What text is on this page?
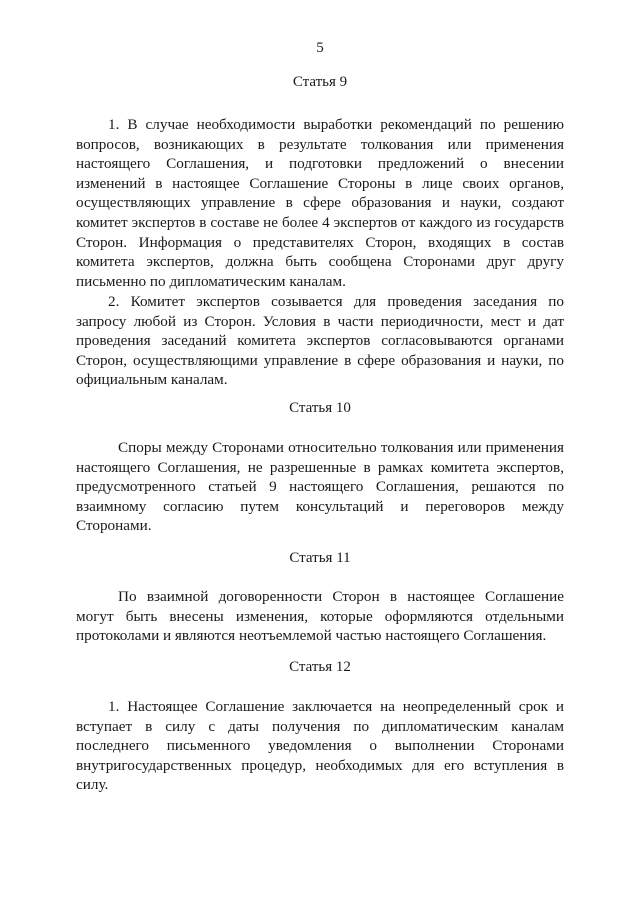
5
Статья 9

1. В случае необходимости выработки рекомендаций по решению вопросов, возникающих в результате толкования или применения настоящего Соглашения, и подготовки предложений о внесении изменений в настоящее Соглашение Стороны в лице своих органов, осуществляющих управление в сфере образования и науки, создают комитет экспертов в составе не более 4 экспертов от каждого из государств Сторон. Информация о представителях Сторон, входящих в состав комитета экспертов, должна быть сообщена Сторонами друг другу письменно по дипломатическим каналам.

2. Комитет экспертов созывается для проведения заседания по запросу любой из Сторон. Условия в части периодичности, мест и дат проведения заседаний комитета экспертов согласовываются органами Сторон, осуществляющими управление в сфере образования и науки, по официальным каналам.

Статья 10

Споры между Сторонами относительно толкования или применения настоящего Соглашения, не разрешенные в рамках комитета экспертов, предусмотренного статьей 9 настоящего Соглашения, решаются по взаимному согласию путем консультаций и переговоров между Сторонами.

Статья 11

По взаимной договоренности Сторон в настоящее Соглашение могут быть внесены изменения, которые оформляются отдельными протоколами и являются неотъемлемой частью настоящего Соглашения.

Статья 12

1. Настоящее Соглашение заключается на неопределенный срок и вступает в силу с даты получения по дипломатическим каналам последнего письменного уведомления о выполнении Сторонами внутригосударственных процедур, необходимых для его вступления в силу.
